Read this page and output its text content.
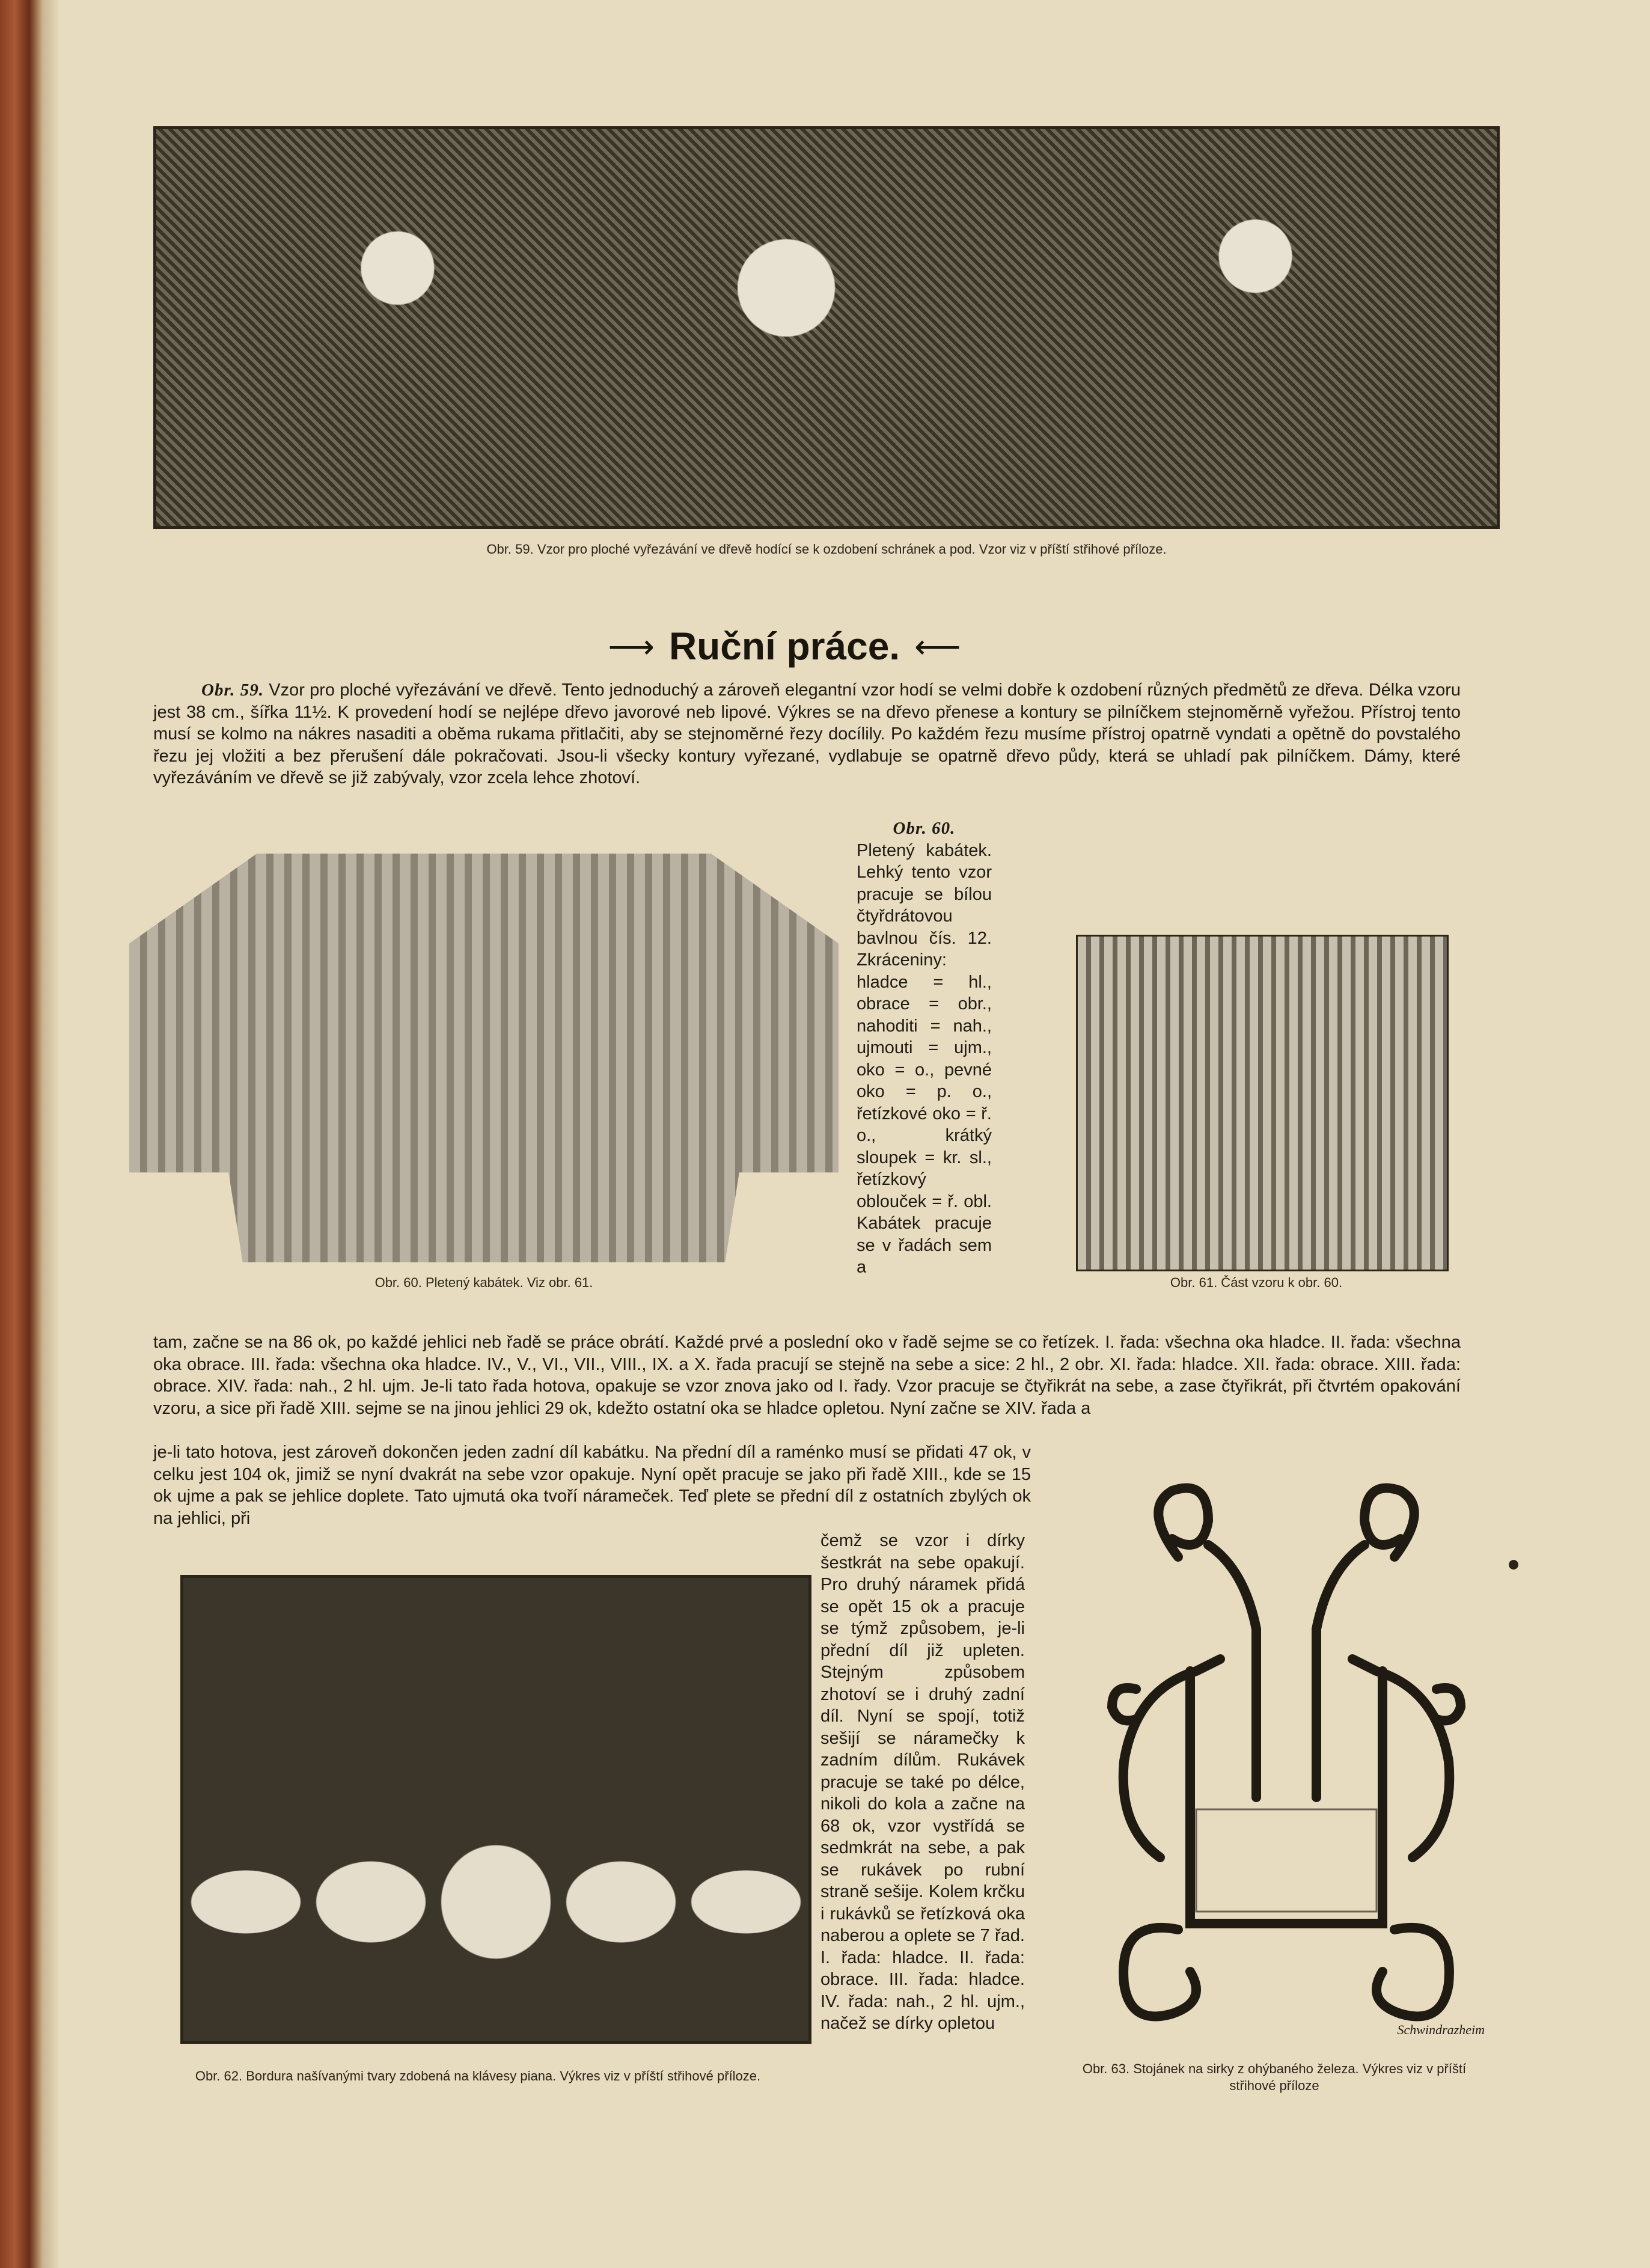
Obr. 59. Vzor pro ploché vyřezávání ve dřevě hodící se k ozdobení schránek a pod. Vzor viz v příští střihové příloze.
⟶ Ruční práce. ⟵

Obr. 59. Vzor pro ploché vyřezávání ve dřevě. Tento jednoduchý a zároveň elegantní vzor hodí se velmi dobře k ozdobení různých předmětů ze dřeva. Délka vzoru jest 38 cm., šířka 11½. K provedení hodí se nejlépe dřevo javorové neb lipové. Výkres se na dřevo přenese a kontury se pilníčkem stejnoměrně vyřežou. Přístroj tento musí se kolmo na nákres nasaditi a oběma rukama přitlačiti, aby se stejnoměrné řezy docílily. Po každém řezu musíme přístroj opatrně vyndati a opětně do povstalého řezu jej vložiti a bez přerušení dále pokračovati. Jsou-li všecky kontury vyřezané, vydlabuje se opatrně dřevo půdy, která se uhladí pak pilníčkem. Dámy, které vyřezáváním ve dřevě se již zabývaly, vzor zcela lehce zhotoví.

Obr. 60. Pletený kabátek. Viz obr. 61.

Obr. 60.

Pletený kabátek. Lehký tento vzor pracuje se bílou čtyřdrátovou bavlnou čís. 12. Zkráceniny: hladce = hl., obrace = obr., nahoditi = nah., ujmouti = ujm., oko = o., pevné oko = p. o., řetízkové oko = ř. o., krátký sloupek = kr. sl., řetízkový oblouček = ř. obl. Kabátek pracuje se v řadách sem a

Obr. 61. Část vzoru k obr. 60.

tam, začne se na 86 ok, po každé jehlici neb řadě se práce obrátí. Každé prvé a poslední oko v řadě sejme se co řetízek. I. řada: všechna oka hladce. II. řada: všechna oka obrace. III. řada: všechna oka hladce. IV., V., VI., VII., VIII., IX. a X. řada pracují se stejně na sebe a sice: 2 hl., 2 obr. XI. řada: hladce. XII. řada: obrace. XIII. řada: obrace. XIV. řada: nah., 2 hl. ujm. Je-li tato řada hotova, opakuje se vzor znova jako od I. řady. Vzor pracuje se čtyřikrát na sebe, a zase čtyřikrát, při čtvrtém opakování vzoru, a sice při řadě XIII. sejme se na jinou jehlici 29 ok, kdežto ostatní oka se hladce opletou. Nyní začne se XIV. řada a

je-li tato hotova, jest zároveň dokončen jeden zadní díl kabátku. Na přední díl a raménko musí se přidati 47 ok, v celku jest 104 ok, jimiž se nyní dvakrát na sebe vzor opakuje. Nyní opět pracuje se jako při řadě XIII., kde se 15 ok ujme a pak se jehlice doplete. Tato ujmutá oka tvoří nárameček. Teď plete se přední díl z ostatních zbylých ok na jehlici, při

Obr. 62. Bordura našívanými tvary zdobená na klávesy piana. Výkres viz v příští střihové příloze.

čemž se vzor i dírky šestkrát na sebe opakují. Pro druhý náramek přidá se opět 15 ok a pracuje se týmž způsobem, je-li přední díl již upleten. Stejným způsobem zhotoví se i druhý zadní díl. Nyní se spojí, totiž sešijí se náramečky k zadním dílům. Rukávek pracuje se také po délce, nikoli do kola a začne na 68 ok, vzor vystřídá se sedmkrát na sebe, a pak se rukávek po rubní straně sešije. Kolem krčku i rukávků se řetízková oka naberou a oplete se 7 řad. I. řada: hladce. II. řada: obrace. III. řada: hladce. IV. řada: nah., 2 hl. ujm., načež se dírky opletou	Schwindrazheim
Obr. 63. Stojánek na sirky z ohýbaného železa. Výkres viz v příští střihové příloze
